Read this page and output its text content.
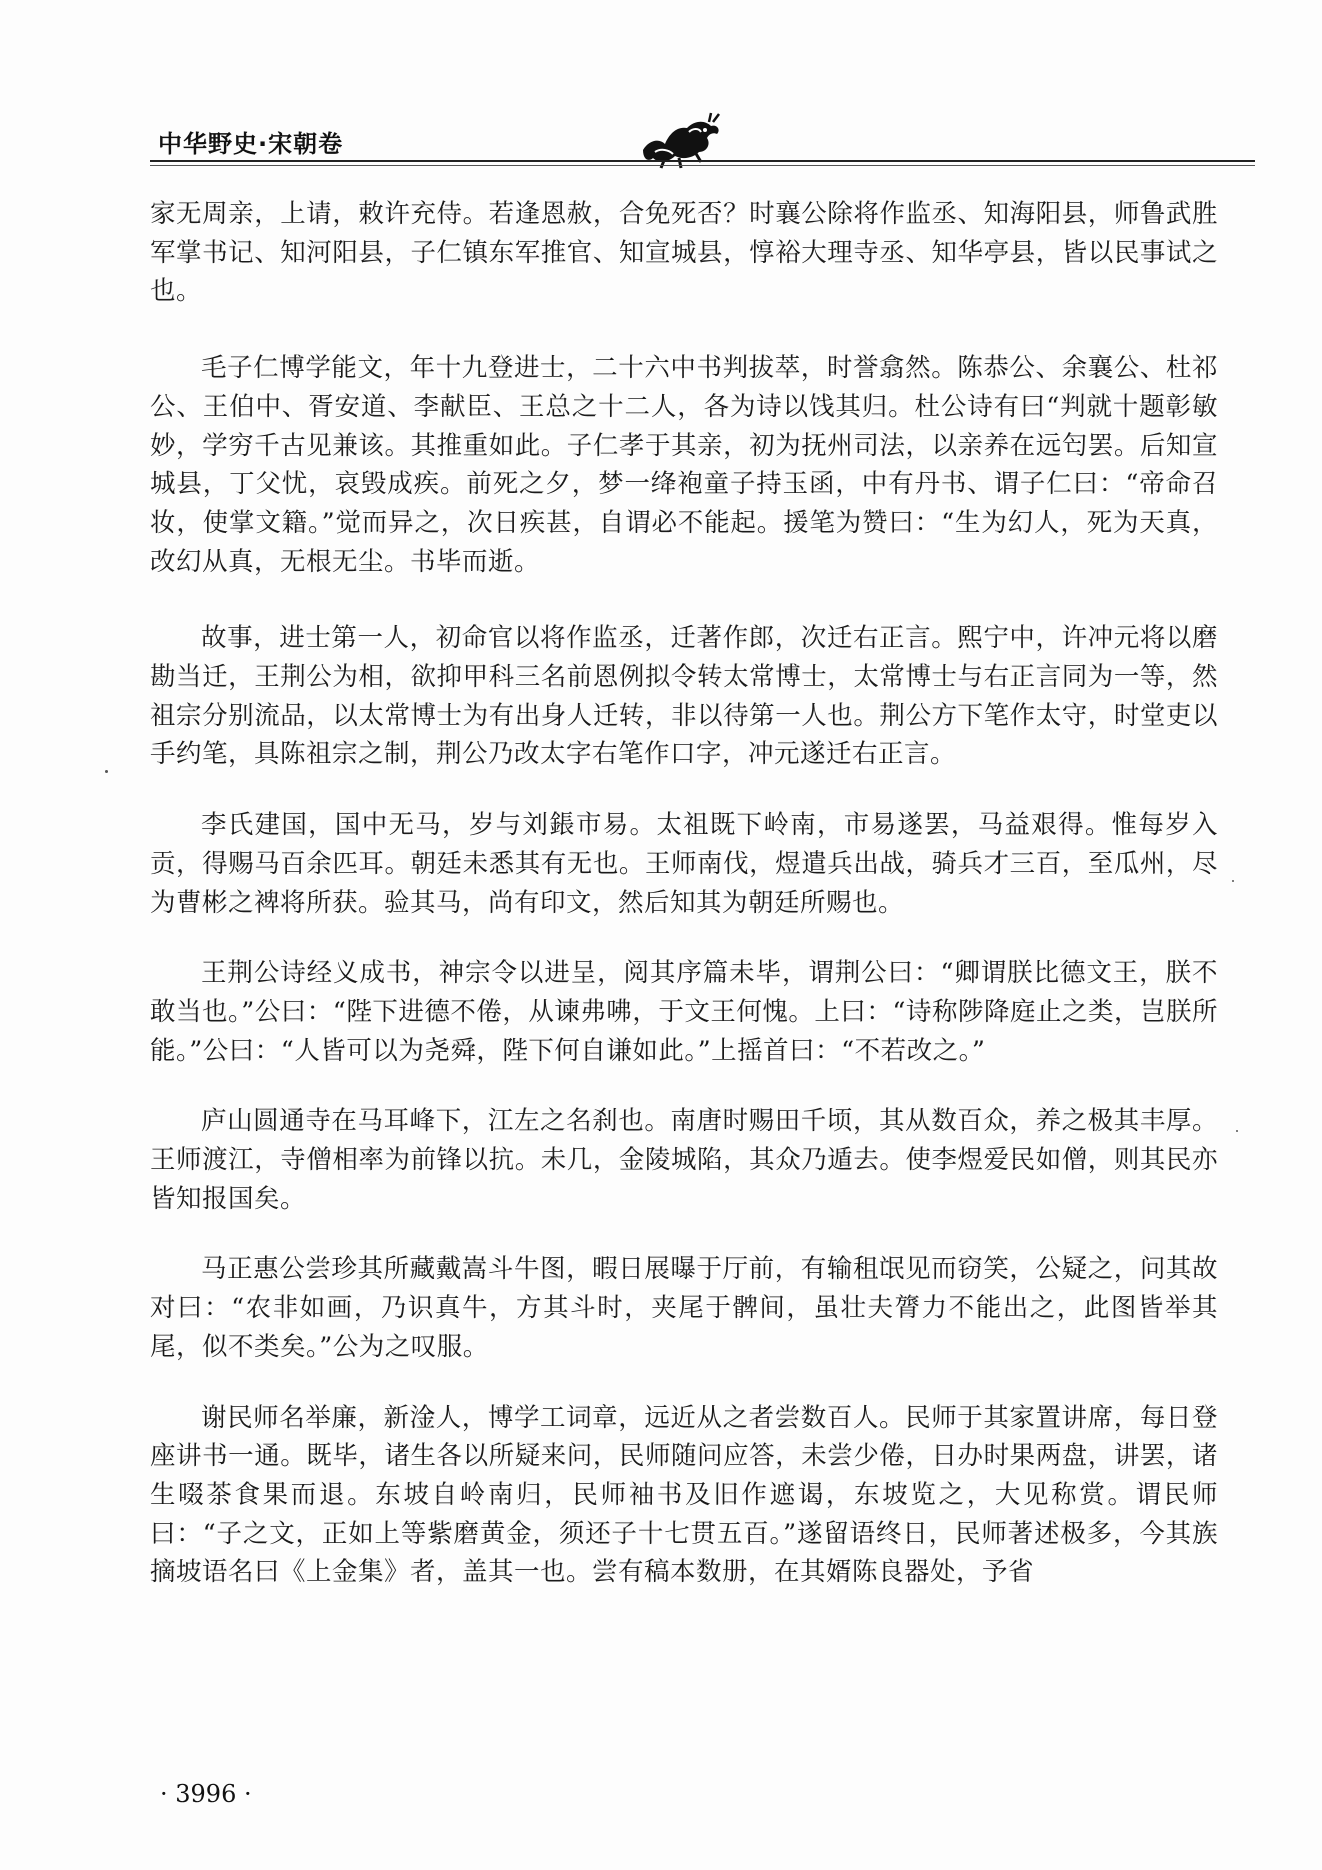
中华野史·宋朝卷

家无周亲，上请，敕许充侍。若逢恩赦，合免死否？时襄公除将作监丞、知海阳县，师鲁武胜军掌书记、知河阳县，子仁镇东军推官、知宣城县，惇裕大理寺丞、知华亭县，皆以民事试之也。

毛子仁博学能文，年十九登进士，二十六中书判拔萃，时誉翕然。陈恭公、余襄公、杜祁公、王伯中、胥安道、李献臣、王总之十二人，各为诗以饯其归。杜公诗有曰“判就十题彰敏妙，学穷千古见兼该。其推重如此。子仁孝于其亲，初为抚州司法，以亲养在远匄罢。后知宣城县，丁父忧，哀毁成疾。前死之夕，梦一绛袍童子持玉函，中有丹书、谓子仁曰：“帝命召妆，使掌文籍。”觉而异之，次日疾甚，自谓必不能起。援笔为赞曰：“生为幻人，死为天真，改幻从真，无根无尘。书毕而逝。

故事，进士第一人，初命官以将作监丞，迁著作郎，次迁右正言。熙宁中，许冲元将以磨勘当迁，王荆公为相，欲抑甲科三名前恩例拟令转太常博士，太常博士与右正言同为一等，然祖宗分别流品，以太常博士为有出身人迁转，非以待第一人也。荆公方下笔作太守，时堂吏以手约笔，具陈祖宗之制，荆公乃改太字右笔作口字，冲元遂迁右正言。

李氏建国，国中无马，岁与刘鋹市易。太祖既下岭南，市易遂罢，马益艰得。惟每岁入贡，得赐马百余匹耳。朝廷未悉其有无也。王师南伐，煜遣兵出战，骑兵才三百，至瓜州，尽为曹彬之裨将所获。验其马，尚有印文，然后知其为朝廷所赐也。

王荆公诗经义成书，神宗令以进呈，阅其序篇未毕，谓荆公曰：“卿谓朕比德文王，朕不敢当也。”公曰：“陛下进德不倦，从谏弗咈，于文王何愧。上曰：“诗称陟降庭止之类，岂朕所能。”公曰：“人皆可以为尧舜，陛下何自谦如此。”上摇首曰：“不若改之。”

庐山圆通寺在马耳峰下，江左之名刹也。南唐时赐田千顷，其从数百众，养之极其丰厚。王师渡江，寺僧相率为前锋以抗。未几，金陵城陷，其众乃遁去。使李煜爱民如僧，则其民亦皆知报国矣。

马正惠公尝珍其所藏戴嵩斗牛图，暇日展曝于厅前，有输租氓见而窃笑，公疑之，问其故对曰：“农非如画，乃识真牛，方其斗时，夹尾于髀间，虽壮夫膂力不能出之，此图皆举其尾，似不类矣。”公为之叹服。

谢民师名举廉，新淦人，博学工词章，远近从之者尝数百人。民师于其家置讲席，每日登座讲书一通。既毕，诸生各以所疑来问，民师随问应答，未尝少倦，日办时果两盘，讲罢，诸生啜茶食果而退。东坡自岭南归，民师袖书及旧作遮谒，东坡览之，大见称赏。谓民师曰：“子之文，正如上等紫磨黄金，须还子十七贯五百。”遂留语终日，民师著述极多，今其族摘坡语名曰《上金集》者，盖其一也。尝有稿本数册，在其婿陈良器处，予省

· 3996 ·
